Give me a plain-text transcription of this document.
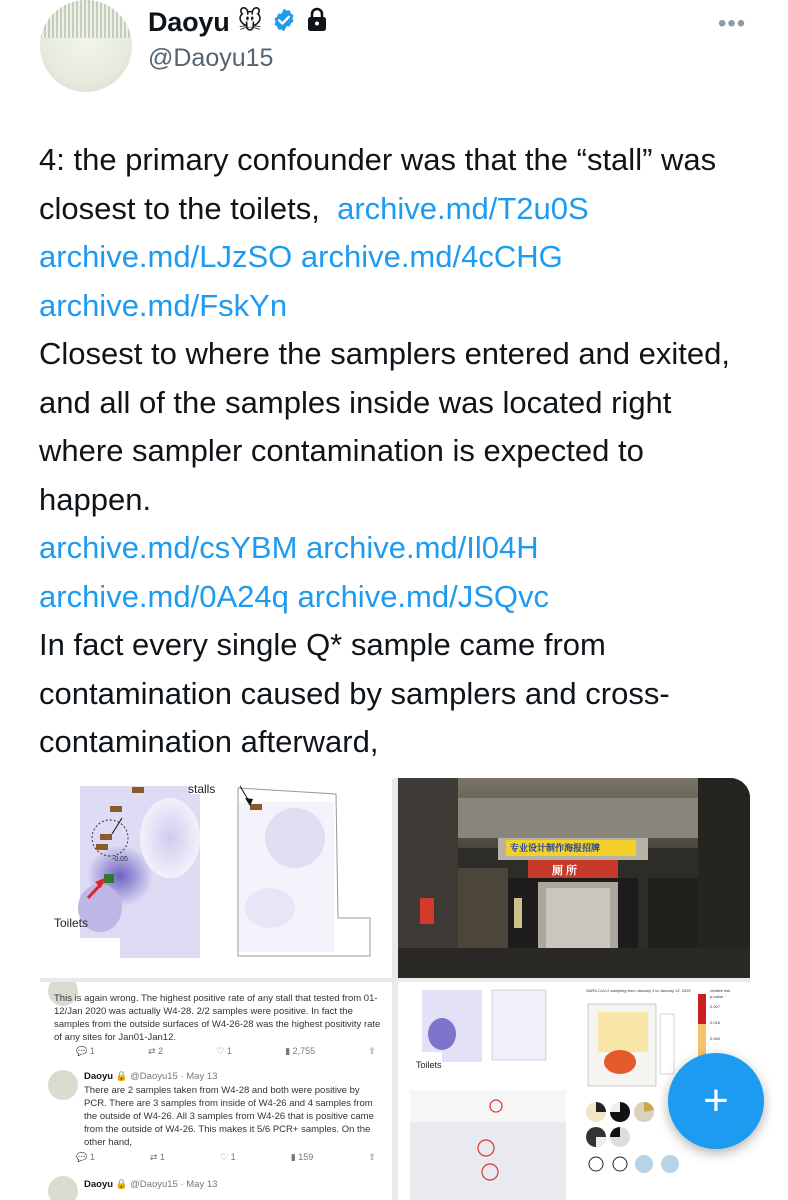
Daoyu 🐭
@Daoyu15
•••
4: the primary confounder was that the “stall” was closest to the toilets,  archive.md/T2u0S archive.md/LJzSO archive.md/4cCHG archive.md/FskYn
Closest to where the samplers entered and exited, and all of the samples inside was located right where sampler contamination is expected to happen.
archive.md/csYBM archive.md/Il04H archive.md/0A24q archive.md/JSQvc
In fact every single Q* sample came from contamination caused by samplers and cross-contamination afterward,
stalls
Toilets
-0.05
专业设计制作海报招牌
厕 所
This is again wrong. The highest positive rate of any stall that tested from 01-12/Jan 2020 was actually W4-28. 2/2 samples were positive. In fact the samples from the outside surfaces of W4-26-28 was the highest positivity rate of any sites for Jan01-Jan12.
💬 1	⇄ 2	♡ 1	▮ 2,755	⇧
Daoyu 🔒 @Daoyu15 · May 13
There are 2 samples taken from W4-28 and both were positive by PCR. There are 3 samples from inside of W4-26 and 4 samples from the outside of W4-26. All 3 samples from W4-26 that is positive came from the outside of W4-26. This makes it 5/6 PCR+ samples. On the other hand,
💬 1	⇄ 1	♡ 1	▮ 159	⇧
Daoyu 🔒 @Daoyu15 · May 13
Toilets
SARS-CoV-2 sampling from January 1 to January 12, 2020	relative risk
p-value
0.007
0.018
0.050
+
